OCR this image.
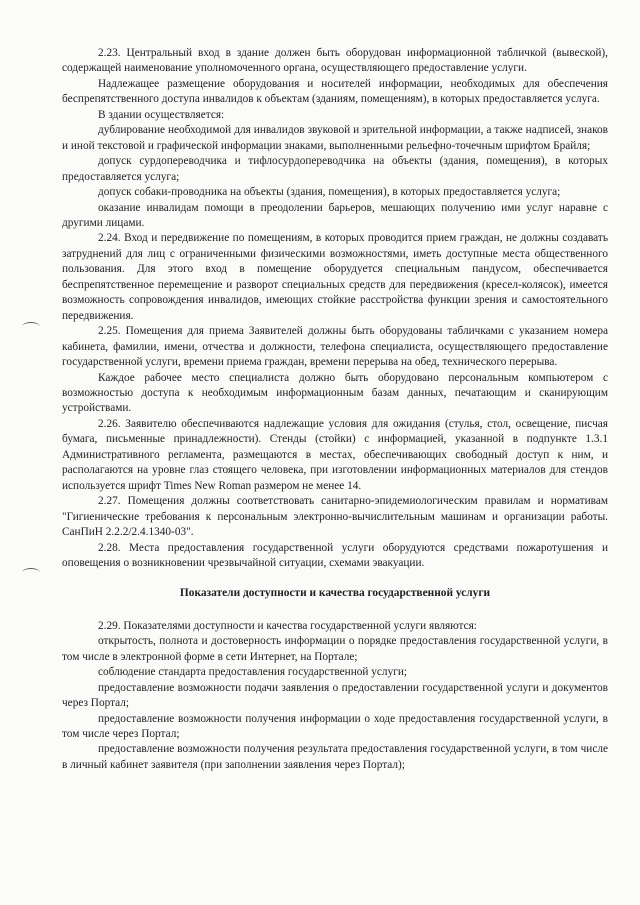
2.23. Центральный вход в здание должен быть оборудован информационной табличкой (вывеской), содержащей наименование уполномоченного органа, осуществляющего предоставление услуги.

Надлежащее размещение оборудования и носителей информации, необходимых для обеспечения беспрепятственного доступа инвалидов к объектам (зданиям, помещениям), в которых предоставляется услуга.

В здании осуществляется:

дублирование необходимой для инвалидов звуковой и зрительной информации, а также надписей, знаков и иной текстовой и графической информации знаками, выполненными рельефно-точечным шрифтом Брайля;

допуск сурдопереводчика и тифлосурдопереводчика на объекты (здания, помещения), в которых предоставляется услуга;

допуск собаки-проводника на объекты (здания, помещения), в которых предоставляется услуга;

оказание инвалидам помощи в преодолении барьеров, мешающих получению ими услуг наравне с другими лицами.

2.24. Вход и передвижение по помещениям, в которых проводится прием граждан, не должны создавать затруднений для лиц с ограниченными физическими возможностями, иметь доступные места общественного пользования. Для этого вход в помещение оборудуется специальным пандусом, обеспечивается беспрепятственное перемещение и разворот специальных средств для передвижения (кресел-колясок), имеется возможность сопровождения инвалидов, имеющих стойкие расстройства функции зрения и самостоятельного передвижения.

2.25. Помещения для приема Заявителей должны быть оборудованы табличками с указанием номера кабинета, фамилии, имени, отчества и должности, телефона специалиста, осуществляющего предоставление государственной услуги, времени приема граждан, времени перерыва на обед, технического перерыва.

Каждое рабочее место специалиста должно быть оборудовано персональным компьютером с возможностью доступа к необходимым информационным базам данных, печатающим и сканирующим устройствами.

2.26. Заявителю обеспечиваются надлежащие условия для ожидания (стулья, стол, освещение, писчая бумага, письменные принадлежности). Стенды (стойки) с информацией, указанной в подпункте 1.3.1 Административного регламента, размещаются в местах, обеспечивающих свободный доступ к ним, и располагаются на уровне глаз стоящего человека, при изготовлении информационных материалов для стендов используется шрифт Times New Roman размером не менее 14.

2.27. Помещения должны соответствовать санитарно-эпидемиологическим правилам и нормативам "Гигиенические требования к персональным электронно-вычислительным машинам и организации работы. СанПиН 2.2.2/2.4.1340-03".

2.28. Места предоставления государственной услуги оборудуются средствами пожаротушения и оповещения о возникновении чрезвычайной ситуации, схемами эвакуации.

Показатели доступности и качества государственной услуги

2.29. Показателями доступности и качества государственной услуги являются:

открытость, полнота и достоверность информации о порядке предоставления государственной услуги, в том числе в электронной форме в сети Интернет, на Портале;

соблюдение стандарта предоставления государственной услуги;

предоставление возможности подачи заявления о предоставлении государственной услуги и документов через Портал;

предоставление возможности получения информации о ходе предоставления государственной услуги, в том числе через Портал;

предоставление возможности получения результата предоставления государственной услуги, в том числе в личный кабинет заявителя (при заполнении заявления через Портал);
